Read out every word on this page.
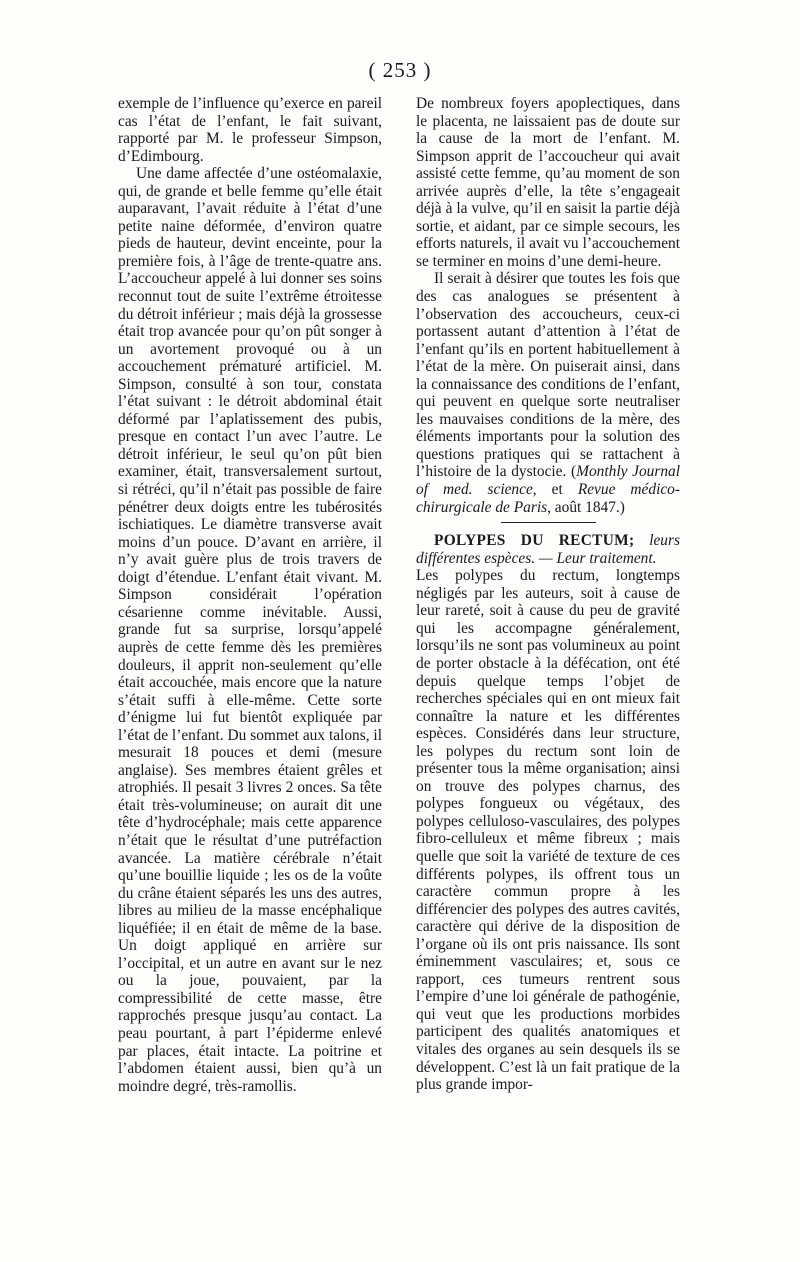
( 253 )

exemple de l’influence qu’exerce en pareil cas l’état de l’enfant, le fait suivant, rapporté par M. le professeur Simpson, d’Edimbourg.

Une dame affectée d’une ostéomalaxie, qui, de grande et belle femme qu’elle était auparavant, l’avait réduite à l’état d’une petite naine déformée, d’environ quatre pieds de hauteur, devint enceinte, pour la première fois, à l’âge de trente-quatre ans. L’accoucheur appelé à lui donner ses soins reconnut tout de suite l’extrême étroitesse du détroit inférieur ; mais déjà la grossesse était trop avancée pour qu’on pût songer à un avortement provoqué ou à un accouchement prématuré artificiel. M. Simpson, consulté à son tour, constata l’état suivant : le détroit abdominal était déformé par l’aplatissement des pubis, presque en contact l’un avec l’autre. Le détroit inférieur, le seul qu’on pût bien examiner, était, transversalement surtout, si rétréci, qu’il n’était pas possible de faire pénétrer deux doigts entre les tubérosités ischiatiques. Le diamètre transverse avait moins d’un pouce. D’avant en arrière, il n’y avait guère plus de trois travers de doigt d’étendue. L’enfant était vivant. M. Simpson considérait l’opération césarienne comme inévitable. Aussi, grande fut sa surprise, lorsqu’appelé auprès de cette femme dès les premières douleurs, il apprit non-seulement qu’elle était accouchée, mais encore que la nature s’était suffi à elle-même. Cette sorte d’énigme lui fut bientôt expliquée par l’état de l’enfant. Du sommet aux talons, il mesurait 18 pouces et demi (mesure anglaise). Ses membres étaient grêles et atrophiés. Il pesait 3 livres 2 onces. Sa tête était très-volumineuse; on aurait dit une tête d’hydrocéphale; mais cette apparence n’était que le résultat d’une putréfaction avancée. La matière cérébrale n’était qu’une bouillie liquide ; les os de la voûte du crâne étaient séparés les uns des autres, libres au milieu de la masse encéphalique liquéfiée; il en était de même de la base. Un doigt appliqué en arrière sur l’occipital, et un autre en avant sur le nez ou la joue, pouvaient, par la compressibilité de cette masse, être rapprochés presque jusqu’au contact. La peau pourtant, à part l’épiderme enlevé par places, était intacte. La poitrine et l’abdomen étaient aussi, bien qu’à un moindre degré, très-ramollis.

De nombreux foyers apoplectiques, dans le placenta, ne laissaient pas de doute sur la cause de la mort de l’enfant. M. Simpson apprit de l’accoucheur qui avait assisté cette femme, qu’au moment de son arrivée auprès d’elle, la tête s’engageait déjà à la vulve, qu’il en saisit la partie déjà sortie, et aidant, par ce simple secours, les efforts naturels, il avait vu l’accouchement se terminer en moins d’une demi-heure.

Il serait à désirer que toutes les fois que des cas analogues se présentent à l’observation des accoucheurs, ceux-ci portassent autant d’attention à l’état de l’enfant qu’ils en portent habituellement à l’état de la mère. On puiserait ainsi, dans la connaissance des conditions de l’enfant, qui peuvent en quelque sorte neutraliser les mauvaises conditions de la mère, des éléments importants pour la solution des questions pratiques qui se rattachent à l’histoire de la dystocie. (Monthly Journal of med. science, et Revue médico-chirurgicale de Paris, août 1847.)

POLYPES DU RECTUM; leurs différentes espèces. — Leur traitement.

Les polypes du rectum, longtemps négligés par les auteurs, soit à cause de leur rareté, soit à cause du peu de gravité qui les accompagne généralement, lorsqu’ils ne sont pas volumineux au point de porter obstacle à la défécation, ont été depuis quelque temps l’objet de recherches spéciales qui en ont mieux fait connaître la nature et les différentes espèces. Considérés dans leur structure, les polypes du rectum sont loin de présenter tous la même organisation; ainsi on trouve des polypes charnus, des polypes fongueux ou végétaux, des polypes celluloso-vasculaires, des polypes fibro-celluleux et même fibreux ; mais quelle que soit la variété de texture de ces différents polypes, ils offrent tous un caractère commun propre à les différencier des polypes des autres cavités, caractère qui dérive de la disposition de l’organe où ils ont pris naissance. Ils sont éminemment vasculaires; et, sous ce rapport, ces tumeurs rentrent sous l’empire d’une loi générale de pathogénie, qui veut que les productions morbides participent des qualités anatomiques et vitales des organes au sein desquels ils se développent. C’est là un fait pratique de la plus grande impor-
